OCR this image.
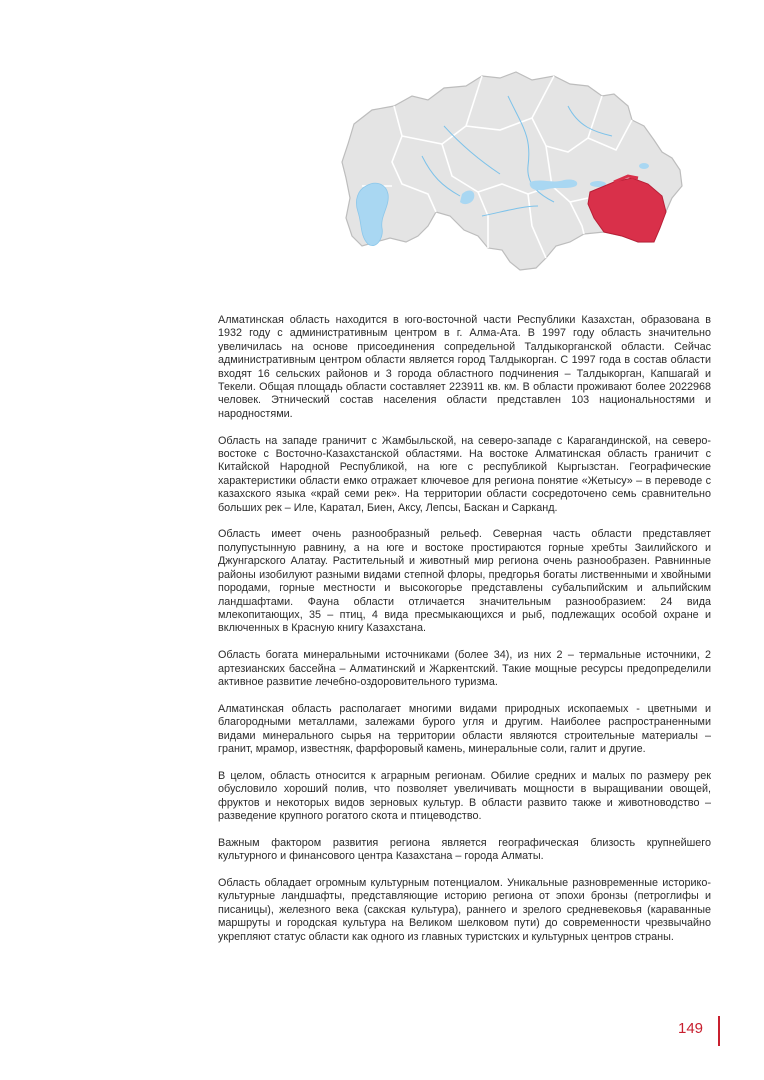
Алматинская область находится в юго-восточной части Республики Казахстан, образована в 1932 году с административным центром в г. Алма-Ата. В 1997 году область значительно увеличилась на основе присоединения сопредельной Талдыкорганской области. Сейчас административным центром области является город Талдыкорган. С 1997 года в состав области входят 16 сельских районов и 3 города областного подчинения – Талдыкорган, Капшагай и Текели. Общая площадь области составляет 223911 кв. км. В области проживают более 2022968 человек. Этнический состав населения области представлен 103 национальностями и народностями.

Область на западе граничит с Жамбыльской, на северо-западе с Карагандинской, на северо-востоке с Восточно-Казахстанской областями. На востоке Алматинская область граничит с Китайской Народной Республикой, на юге с республикой Кыргызстан. Географические характеристики области емко отражает ключевое для региона понятие «Жетысу» – в переводе с казахского языка «край семи рек». На территории области сосредоточено семь сравнительно больших рек – Иле, Каратал, Биен, Аксу, Лепсы, Баскан и Сарканд.

Область имеет очень разнообразный рельеф. Северная часть области представляет полупустынную равнину, а на юге и востоке простираются горные хребты Заилийского и Джунгарского Алатау. Растительный и животный мир региона очень разнообразен. Равнинные районы изобилуют разными видами степной флоры, предгорья богаты лиственными и хвойными породами, горные местности и высокогорье представлены субальпийским и альпийским ландшафтами. Фауна области отличается значительным разнообразием: 24 вида млекопитающих, 35 – птиц, 4 вида пресмыкающихся и рыб, подлежащих особой охране и включенных в Красную книгу Казахстана.

Область богата минеральными источниками (более 34), из них 2 – термальные источники, 2 артезианских бассейна – Алматинский и Жаркентский. Такие мощные ресурсы предопределили активное развитие лечебно-оздоровительного туризма.

Алматинская область располагает многими видами природных ископаемых - цветными и благородными металлами, залежами бурого угля и другим. Наиболее распространенными видами минерального сырья на территории области являются строительные материалы – гранит, мрамор, известняк, фарфоровый камень, минеральные соли, галит и другие.

В целом, область относится к аграрным регионам. Обилие средних и малых по размеру рек обусловило хороший полив, что позволяет увеличивать мощности в выращивании овощей, фруктов и некоторых видов зерновых культур. В области развито также и животноводство – разведение крупного рогатого скота и птицеводство.

Важным фактором развития региона является географическая близость крупнейшего культурного и финансового центра Казахстана – города Алматы.

Область обладает огромным культурным потенциалом. Уникальные разновременные историко-культурные ландшафты, представляющие историю региона от эпохи бронзы (петроглифы и писаницы), железного века (сакская культура), раннего и зрелого средневековья (караванные маршруты и городская культура на Великом шелковом пути) до современности чрезвычайно укрепляют статус области как одного из главных туристских и культурных центров страны.

149
